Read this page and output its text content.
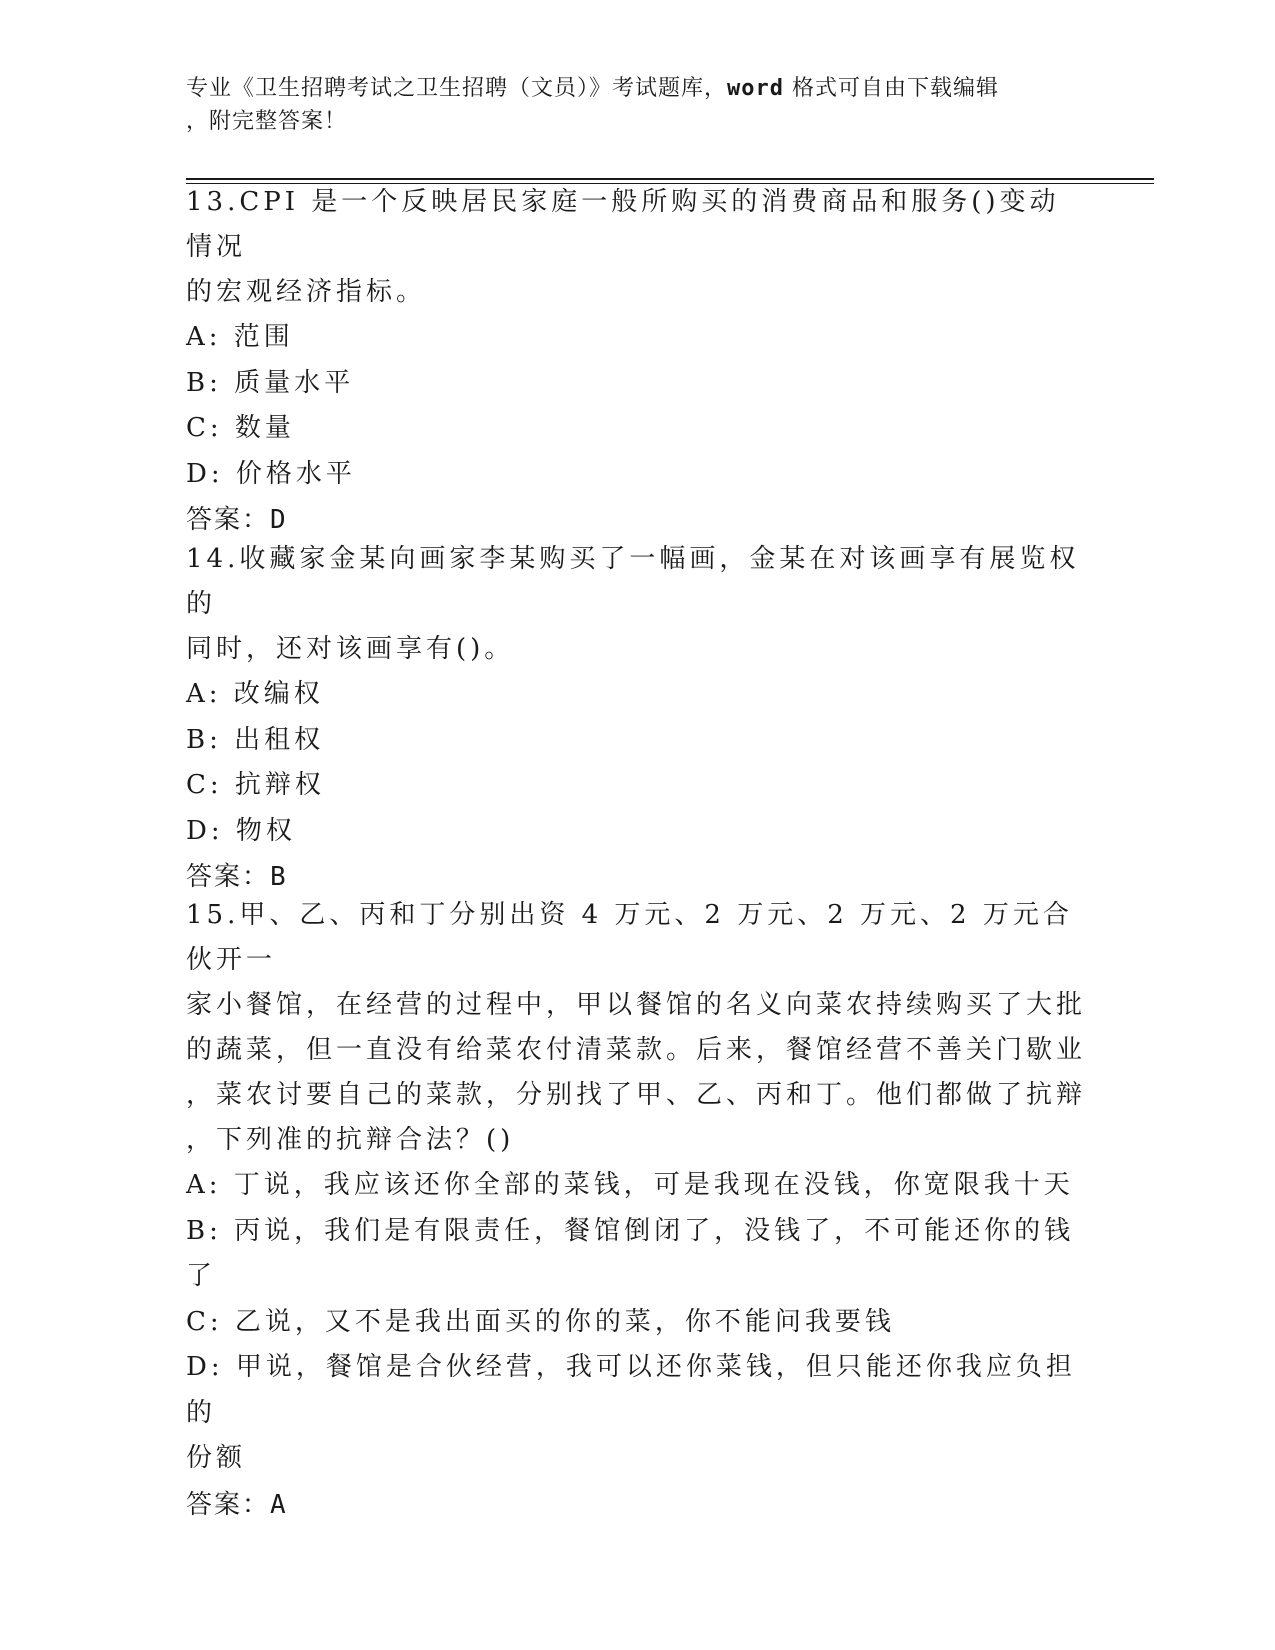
专业《卫生招聘考试之卫生招聘（文员）》考试题库，word 格式可自由下载编辑
，附完整答案！

13.CPI 是一个反映居民家庭一般所购买的消费商品和服务()变动情况
的宏观经济指标。

A: 范围
B: 质量水平
C: 数量
D: 价格水平
答案：D

14.收藏家金某向画家李某购买了一幅画，金某在对该画享有展览权的
同时，还对该画享有()。

A: 改编权
B: 出租权
C: 抗辩权
D: 物权
答案：B

15.甲、乙、丙和丁分别出资 4 万元、2 万元、2 万元、2 万元合伙开一
家小餐馆，在经营的过程中，甲以餐馆的名义向菜农持续购买了大批
的蔬菜，但一直没有给菜农付清菜款。后来，餐馆经营不善关门歇业
，菜农讨要自己的菜款，分别找了甲、乙、丙和丁。他们都做了抗辩
，下列准的抗辩合法？()

A: 丁说，我应该还你全部的菜钱，可是我现在没钱，你宽限我十天
B: 丙说，我们是有限责任，餐馆倒闭了，没钱了，不可能还你的钱了
C: 乙说，又不是我出面买的你的菜，你不能问我要钱
D: 甲说，餐馆是合伙经营，我可以还你菜钱，但只能还你我应负担的
份额
答案：A
